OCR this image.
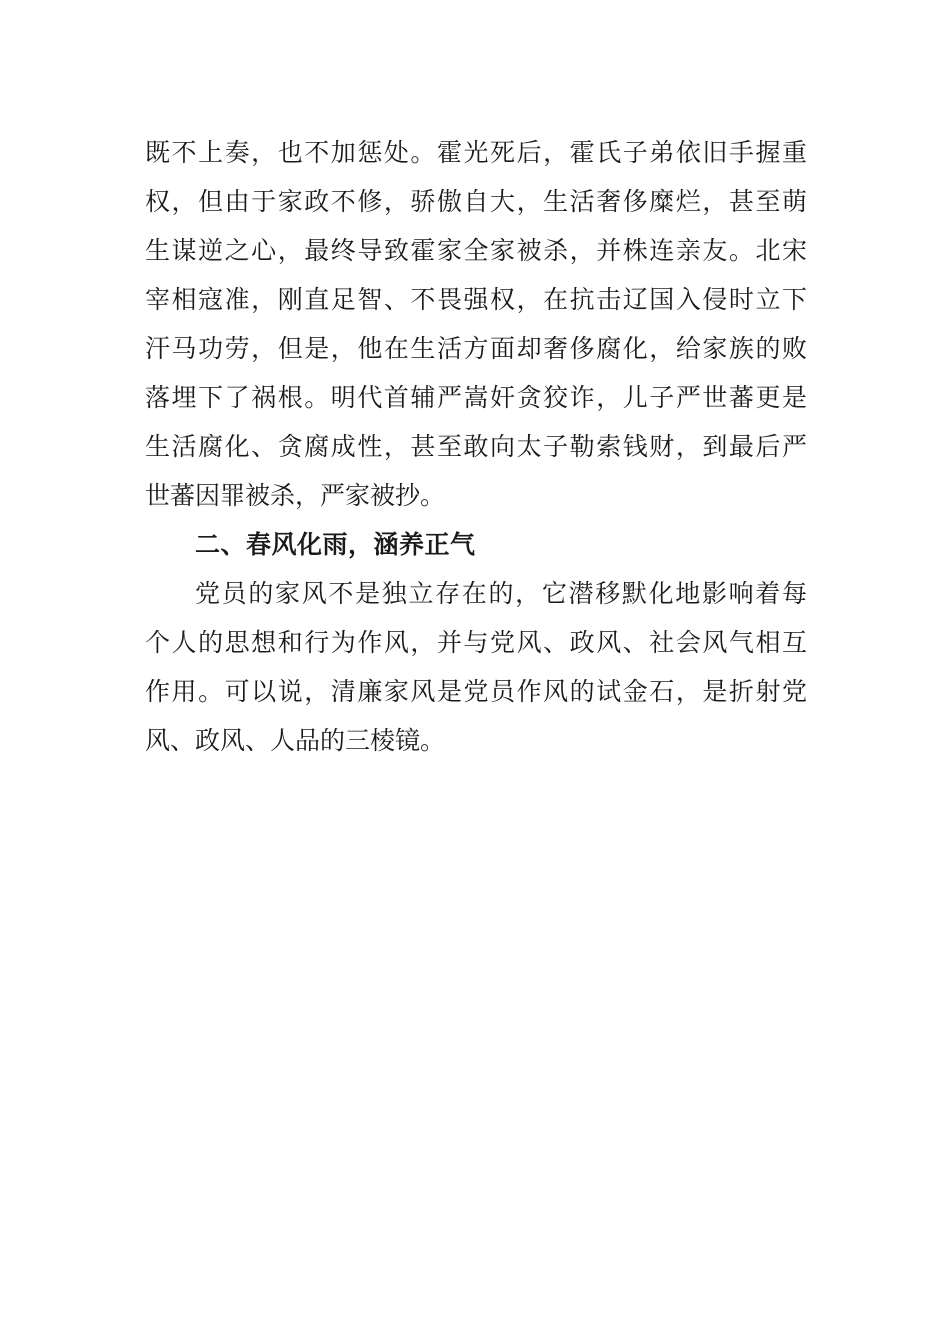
既不上奏，也不加惩处。霍光死后，霍氏子弟依旧手握重
权，但由于家政不修，骄傲自大，生活奢侈糜烂，甚至萌
生谋逆之心，最终导致霍家全家被杀，并株连亲友。北宋
宰相寇准，刚直足智、不畏强权，在抗击辽国入侵时立下
汗马功劳，但是，他在生活方面却奢侈腐化，给家族的败
落埋下了祸根。明代首辅严嵩奸贪狡诈，儿子严世蕃更是
生活腐化、贪腐成性，甚至敢向太子勒索钱财，到最后严
世蕃因罪被杀，严家被抄。
二、春风化雨，涵养正气
党员的家风不是独立存在的，它潜移默化地影响着每
个人的思想和行为作风，并与党风、政风、社会风气相互
作用。可以说，清廉家风是党员作风的试金石，是折射党
风、政风、人品的三棱镜。
